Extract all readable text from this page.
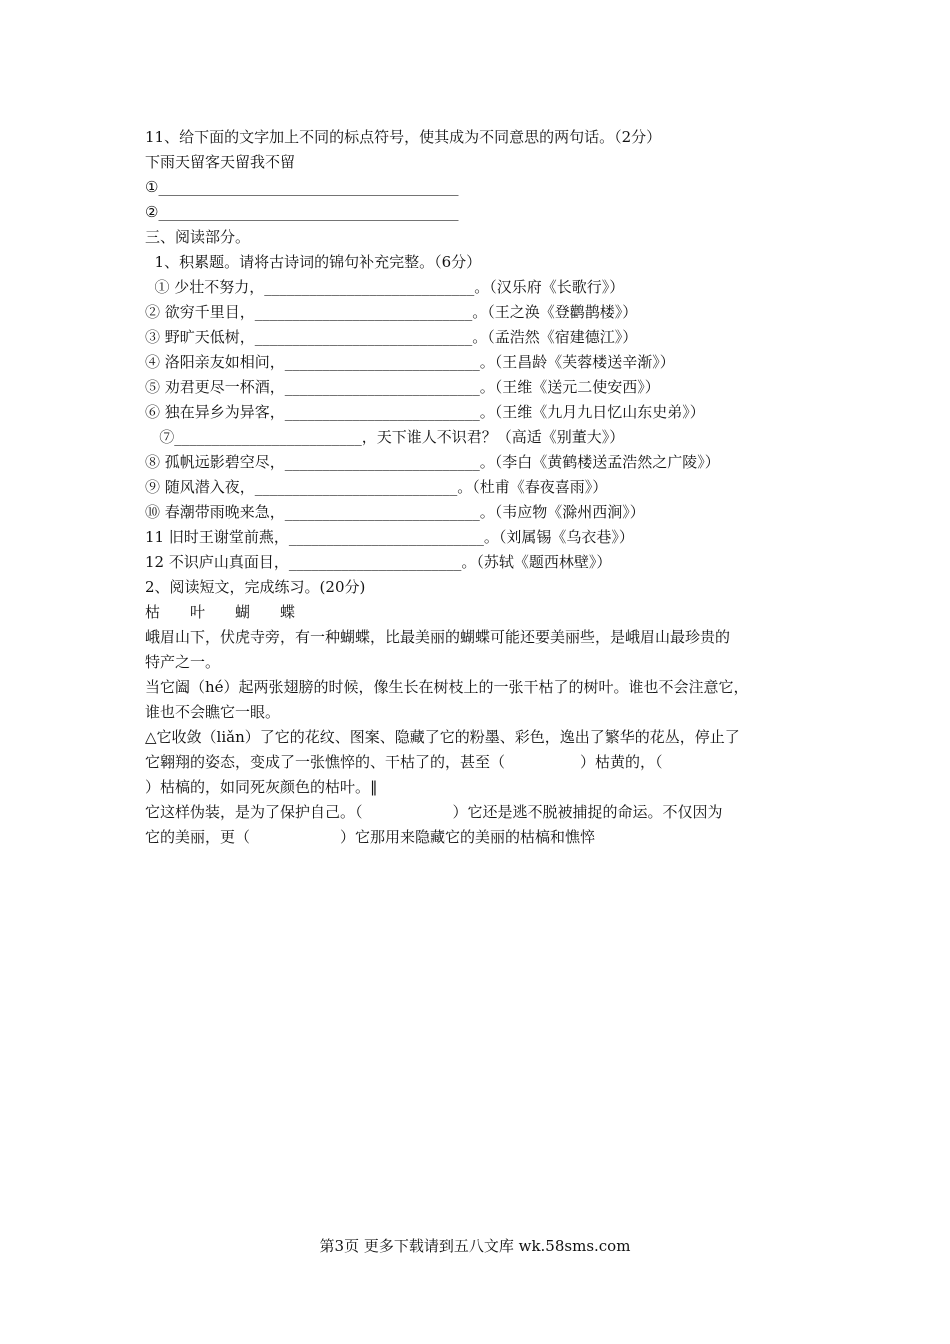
11、给下面的文字加上不同的标点符号，使其成为不同意思的两句话。（2分）

下雨天留客天留我不留

①________________________________________

②________________________________________

三、阅读部分。

1、积累题。请将古诗词的锦句补充完整。（6分）

① 少壮不努力，____________________________。（汉乐府《长歌行》）

② 欲穷千里目，_____________________________。（王之涣《登鹳鹊楼》）

③ 野旷天低树，_____________________________。（孟浩然《宿建德江》）

④ 洛阳亲友如相问，__________________________。（王昌龄《芙蓉楼送辛渐》）

⑤ 劝君更尽一杯酒，__________________________。（王维《送元二使安西》）

⑥ 独在异乡为异客，__________________________。（王维《九月九日忆山东史弟》）

⑦_________________________，天下谁人不识君？（高适《别董大》）

⑧ 孤帆远影碧空尽，__________________________。（李白《黄鹤楼送孟浩然之广陵》）

⑨ 随风潜入夜，___________________________。（杜甫《春夜喜雨》）

⑩ 春潮带雨晚来急，__________________________。（韦应物《滁州西涧》）

11 旧时王谢堂前燕，__________________________。（刘属锡《乌衣巷》）

12 不识庐山真面目，_______________________。（苏轼《题西林壁》）

2、阅读短文，完成练习。(20分)

枯　　叶　　蝴　　蝶

峨眉山下，伏虎寺旁，有一种蝴蝶，比最美丽的蝴蝶可能还要美丽些，是峨眉山最珍贵的

特产之一。

当它阖（hé）起两张翅膀的时候，像生长在树枝上的一张干枯了的树叶。谁也不会注意它，

谁也不会瞧它一眼。

△它收敛（liǎn）了它的花纹、图案、隐藏了它的粉墨、彩色，逸出了繁华的花丛，停止了

它翱翔的姿态，变成了一张憔悴的、干枯了的，甚至（　　　　　）枯黄的，（

）枯槁的，如同死灰颜色的枯叶。‖

它这样伪装，是为了保护自己。（　　　　　　）它还是逃不脱被捕捉的命运。不仅因为

它的美丽，更（　　　　　　）它那用来隐藏它的美丽的枯槁和憔悴

第3页 更多下载请到五八文库 wk.58sms.com
